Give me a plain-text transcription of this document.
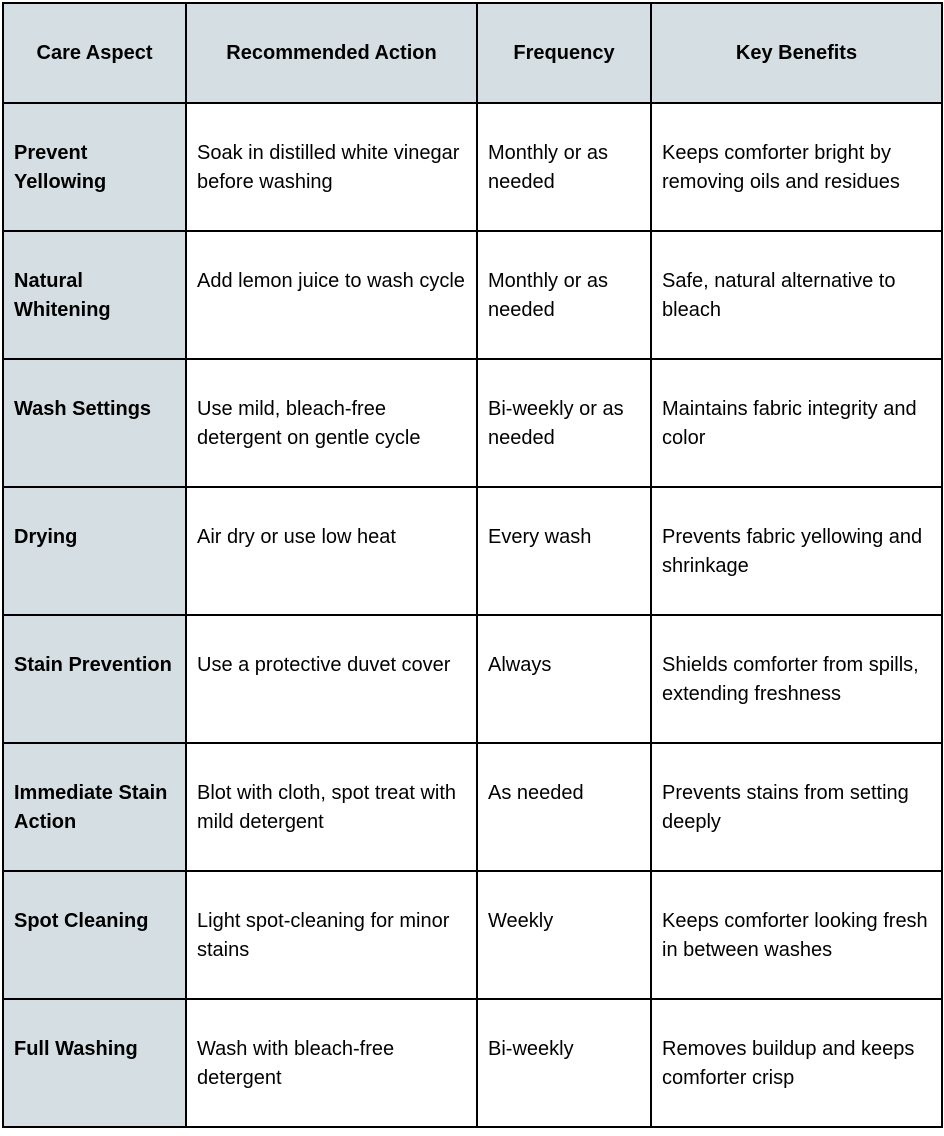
Care Aspect	Recommended Action	Frequency	Key Benefits
Prevent Yellowing	Soak in distilled white vinegar before washing	Monthly or as needed	Keeps comforter bright by removing oils and residues
Natural Whitening	Add lemon juice to wash cycle	Monthly or as needed	Safe, natural alternative to bleach
Wash Settings	Use mild, bleach-free detergent on gentle cycle	Bi-weekly or as needed	Maintains fabric integrity and color
Drying	Air dry or use low heat	Every wash	Prevents fabric yellowing and shrinkage
Stain Prevention	Use a protective duvet cover	Always	Shields comforter from spills, extending freshness
Immediate Stain Action	Blot with cloth, spot treat with mild detergent	As needed	Prevents stains from setting deeply
Spot Cleaning	Light spot-cleaning for minor stains	Weekly	Keeps comforter looking fresh in between washes
Full Washing	Wash with bleach-free detergent	Bi-weekly	Removes buildup and keeps comforter crisp
